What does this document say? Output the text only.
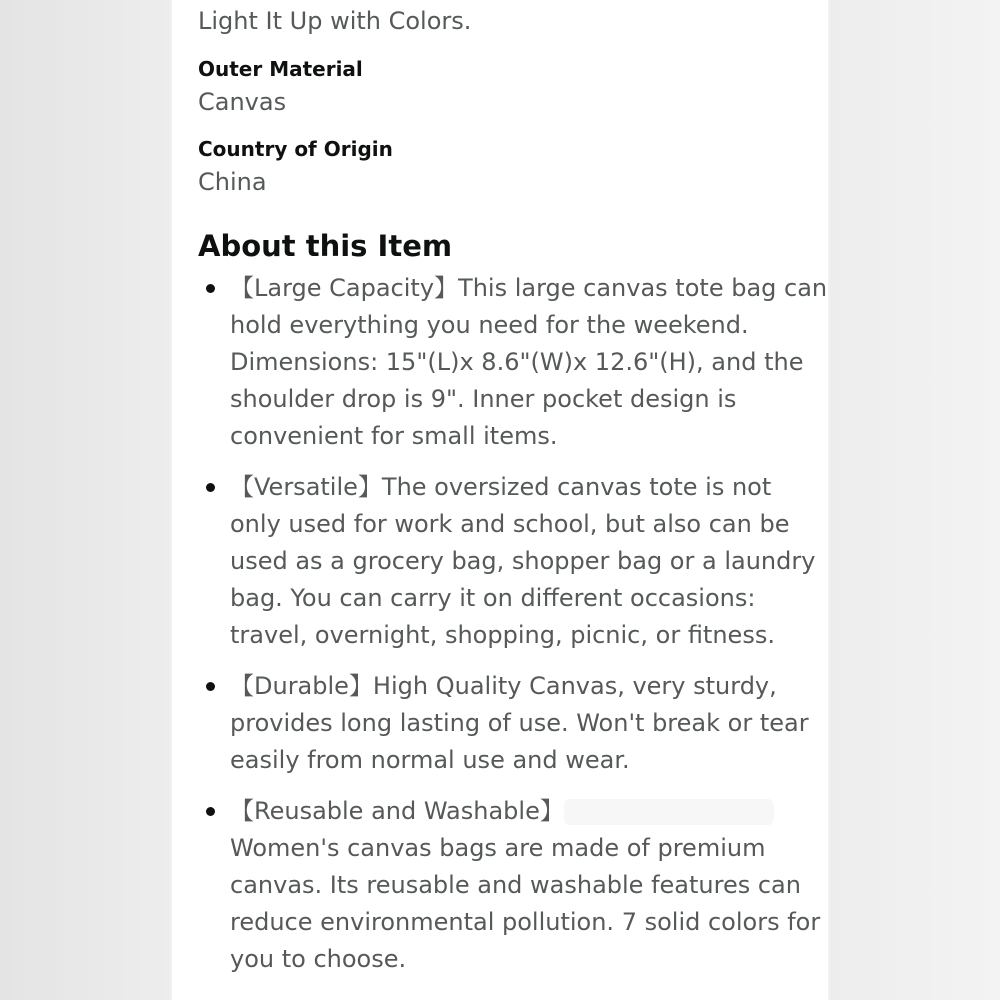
Light It Up with Colors.
Outer Material
Canvas
Country of Origin
China
About this Item
【Large Capacity】This large canvas tote bag can hold everything you need for the weekend. Dimensions: 15"(L)x 8.6"(W)x 12.6"(H), and the shoulder drop is 9". Inner pocket design is convenient for small items.
【Versatile】The oversized canvas tote is not only used for work and school, but also can be used as a grocery bag, shopper bag or a laundry bag. You can carry it on different occasions: travel, overnight, shopping, picnic, or fitness.
【Durable】High Quality Canvas, very sturdy, provides long lasting of use. Won't break or tear easily from normal use and wear.
【Reusable and Washable】
Women's canvas bags are made of premium canvas. Its reusable and washable features can reduce environmental pollution. 7 solid colors for you to choose.
